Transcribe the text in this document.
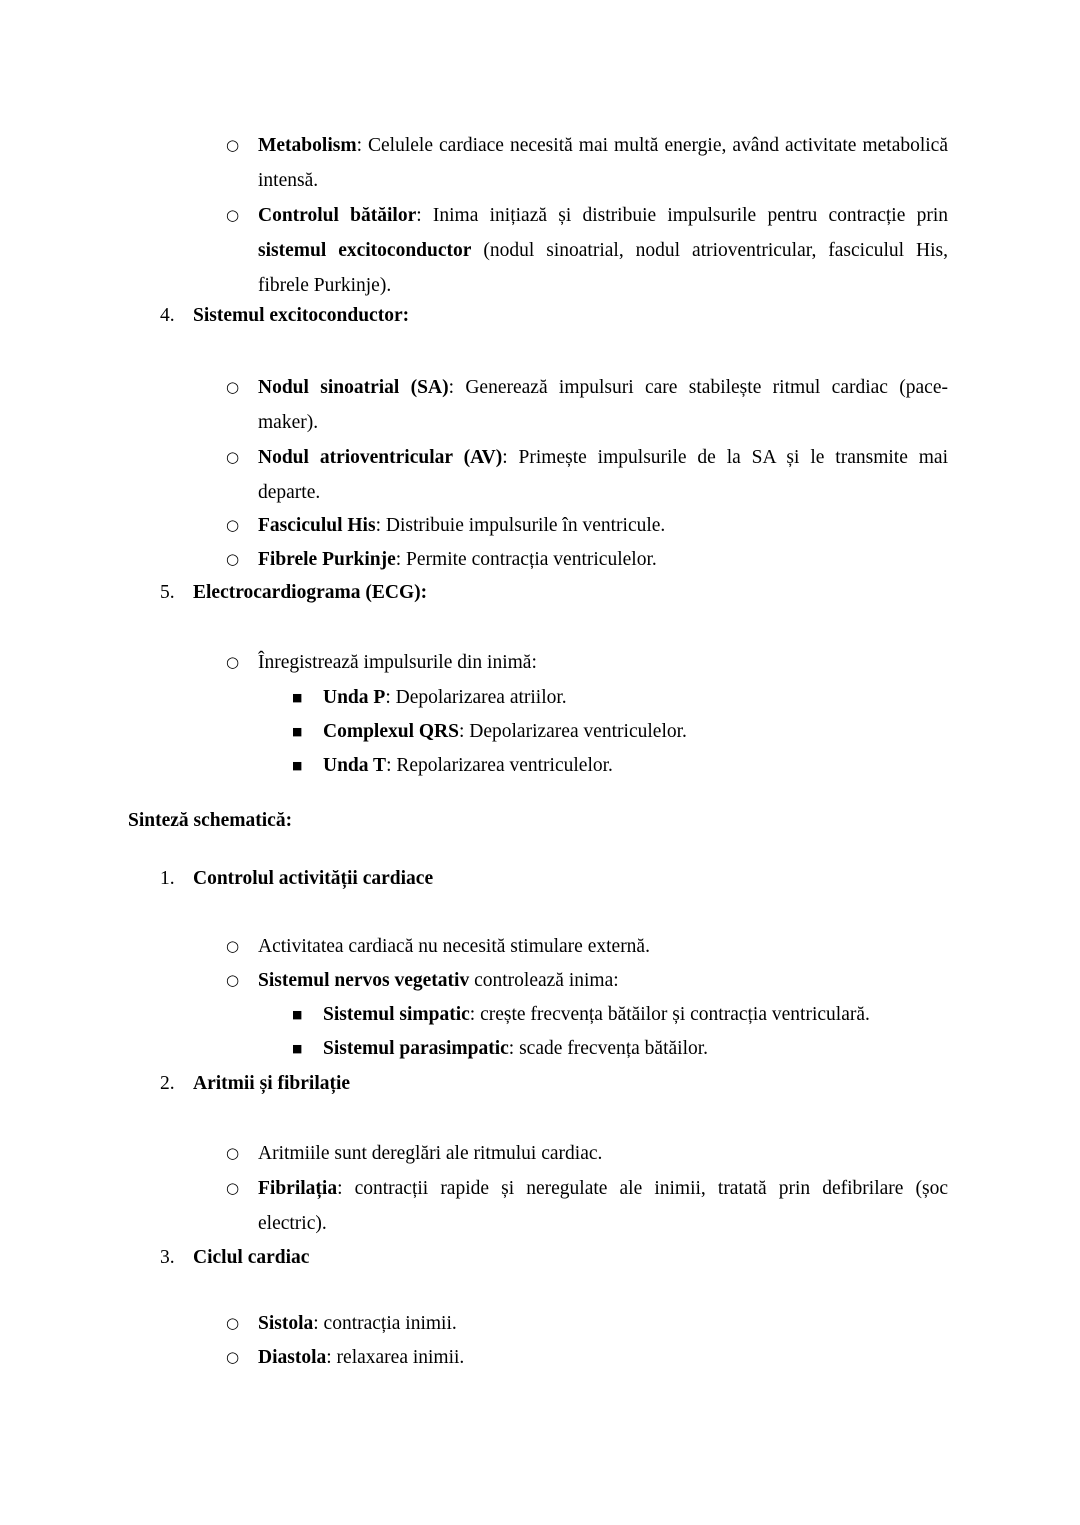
○ Metabolism: Celulele cardiace necesită mai multă energie, având activitate metabolică intensă.
○ Controlul bătăilor: Inima inițiază și distribuie impulsurile pentru contracție prin sistemul excitoconductor (nodul sinoatrial, nodul atrioventricular, fasciculul His, fibrele Purkinje).
4. Sistemul excitoconductor:
○ Nodul sinoatrial (SA): Generează impulsuri care stabilește ritmul cardiac (pace-maker).
○ Nodul atrioventricular (AV): Primește impulsurile de la SA și le transmite mai departe.
○ Fasciculul His: Distribuie impulsurile în ventricule.
○ Fibrele Purkinje: Permite contracția ventriculelor.
5. Electrocardiograma (ECG):
○ Înregistrează impulsurile din inimă:
■	Unda P: Depolarizarea atriilor.
■	Complexul QRS: Depolarizarea ventriculelor.
■	Unda T: Repolarizarea ventriculelor.
Sinteză schematică:
1. Controlul activității cardiace
○ Activitatea cardiacă nu necesită stimulare externă.
○ Sistemul nervos vegetativ controlează inima:
■	Sistemul simpatic: crește frecvența bătăilor și contracția ventriculară.
■	Sistemul parasimpatic: scade frecvența bătăilor.
2. Aritmii și fibrilație
○ Aritmiile sunt dereglări ale ritmului cardiac.
○ Fibrilația: contracții rapide și neregulate ale inimii, tratată prin defibrilare (șoc electric).
3. Ciclul cardiac
○ Sistola: contracția inimii.
○ Diastola: relaxarea inimii.
